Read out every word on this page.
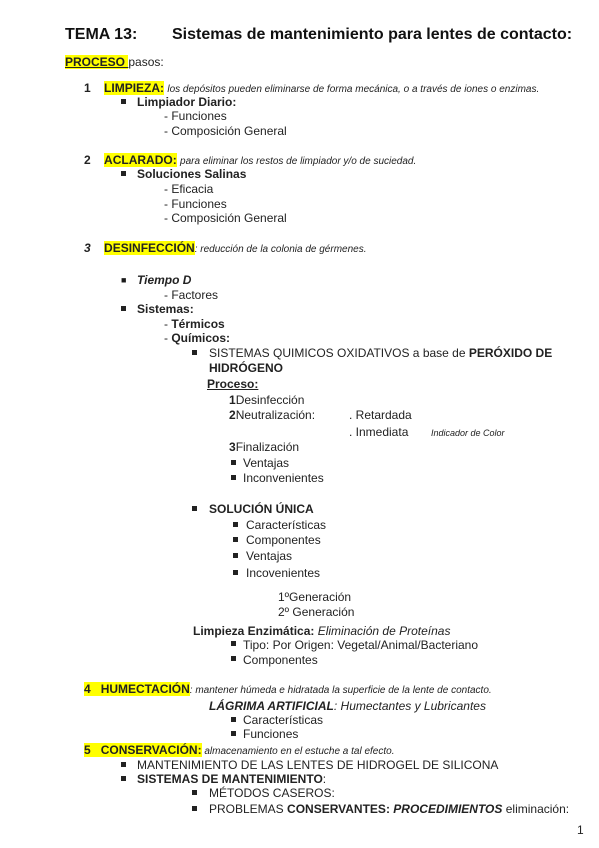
TEMA 13: Sistemas de mantenimiento para lentes de contacto:
PROCESO pasos:
1 LIMPIEZA: los depósitos pueden eliminarse de forma mecánica, o a través de iones o enzimas.
Limpiador Diario:
- Funciones
- Composición General
2 ACLARADO: para eliminar los restos de limpiador y/o de suciedad.
Soluciones Salinas
- Eficacia
- Funciones
- Composición General
3 DESINFECCIÓN: reducción de la colonia de gérmenes.
■ Tiempo D
- Factores
Sistemas:
- Térmicos
- Químicos:
SISTEMAS QUIMICOS OXIDATIVOS a base de PERÓXIDO DE
HIDRÓGENO
Proceso:
1Desinfección
2Neutralización:	. Retardada
. Inmediata	Indicador de Color
3Finalización
Ventajas
Inconvenientes
SOLUCIÓN ÚNICA
Características
Componentes
Ventajas
Incovenientes
1ºGeneración
2º Generación
Limpieza Enzimática: Eliminación de Proteínas
Tipo: Por Origen: Vegetal/Animal/Bacteriano
Componentes
4 HUMECTACIÓN: mantener húmeda e hidratada la superficie de la lente de contacto.
LÁGRIMA ARTIFICIAL: Humectantes y Lubricantes
Características
Funciones
5 CONSERVACIÓN: almacenamiento en el estuche a tal efecto.
MANTENIMIENTO DE LAS LENTES DE HIDROGEL DE SILICONA
SISTEMAS DE MANTENIMIENTO:
MÉTODOS CASEROS:
PROBLEMAS CONSERVANTES: PROCEDIMIENTOS eliminación:
1
